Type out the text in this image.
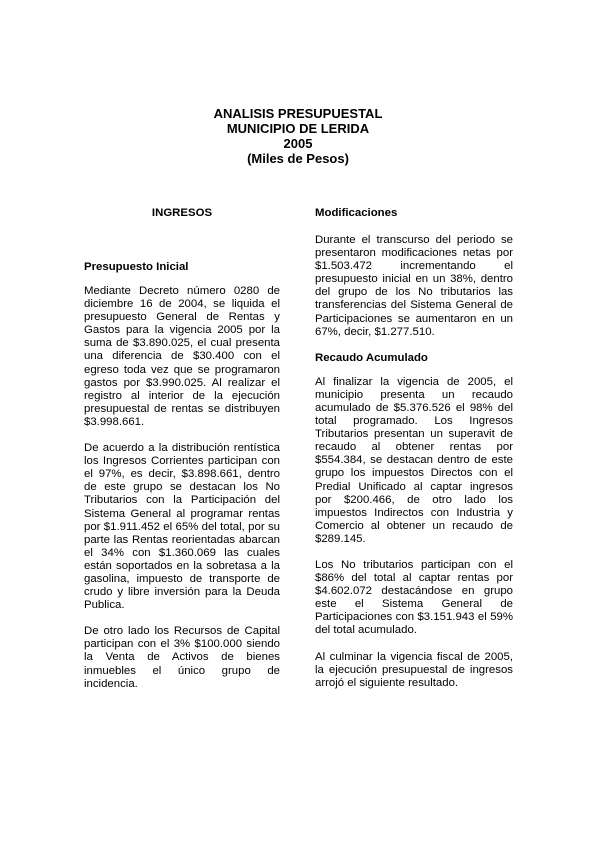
ANALISIS PRESUPUESTAL
MUNICIPIO DE LERIDA
2005
(Miles de Pesos)
INGRESOS
Presupuesto Inicial

Mediante Decreto número 0280 de diciembre 16 de 2004, se liquida el presupuesto General de Rentas y Gastos para la vigencia 2005 por la suma de $3.890.025, el cual presenta una diferencia de $30.400 con el egreso toda vez que se programaron gastos por $3.990.025. Al realizar el registro al interior de la ejecución presupuestal de rentas se distribuyen $3.998.661.

De acuerdo a la distribución rentística los Ingresos Corrientes participan con el 97%, es decir, $3.898.661, dentro de este grupo se destacan los No Tributarios con la Participación del Sistema General al programar rentas por $1.911.452 el 65% del total, por su parte las Rentas reorientadas abarcan el 34% con $1.360.069 las cuales están soportados en la sobretasa a la gasolina, impuesto de transporte de crudo y libre inversión para la Deuda Publica.

De otro lado los Recursos de Capital participan con el 3% $100.000 siendo la Venta de Activos de bienes inmuebles el único grupo de incidencia.

Modificaciones

Durante el transcurso del periodo se presentaron modificaciones netas por $1.503.472 incrementando el presupuesto inicial en un 38%, dentro del grupo de los No tributarios las transferencias del Sistema General de Participaciones se aumentaron en un 67%, decir, $1.277.510.

Recaudo Acumulado

Al finalizar la vigencia de 2005, el municipio presenta un recaudo acumulado de $5.376.526 el 98% del total programado. Los Ingresos Tributarios presentan un superavit de recaudo al obtener rentas por $554.384, se destacan dentro de este grupo los impuestos Directos con el Predial Unificado al captar ingresos por $200.466, de otro lado los impuestos Indirectos con Industria y Comercio al obtener un recaudo de $289.145.

Los No tributarios participan con el $86% del total al captar rentas por $4.602.072 destacándose en grupo este el Sistema General de Participaciones con $3.151.943 el 59% del total acumulado.

Al culminar la vigencia fiscal de 2005, la ejecución presupuestal de ingresos arrojó el siguiente resultado.
